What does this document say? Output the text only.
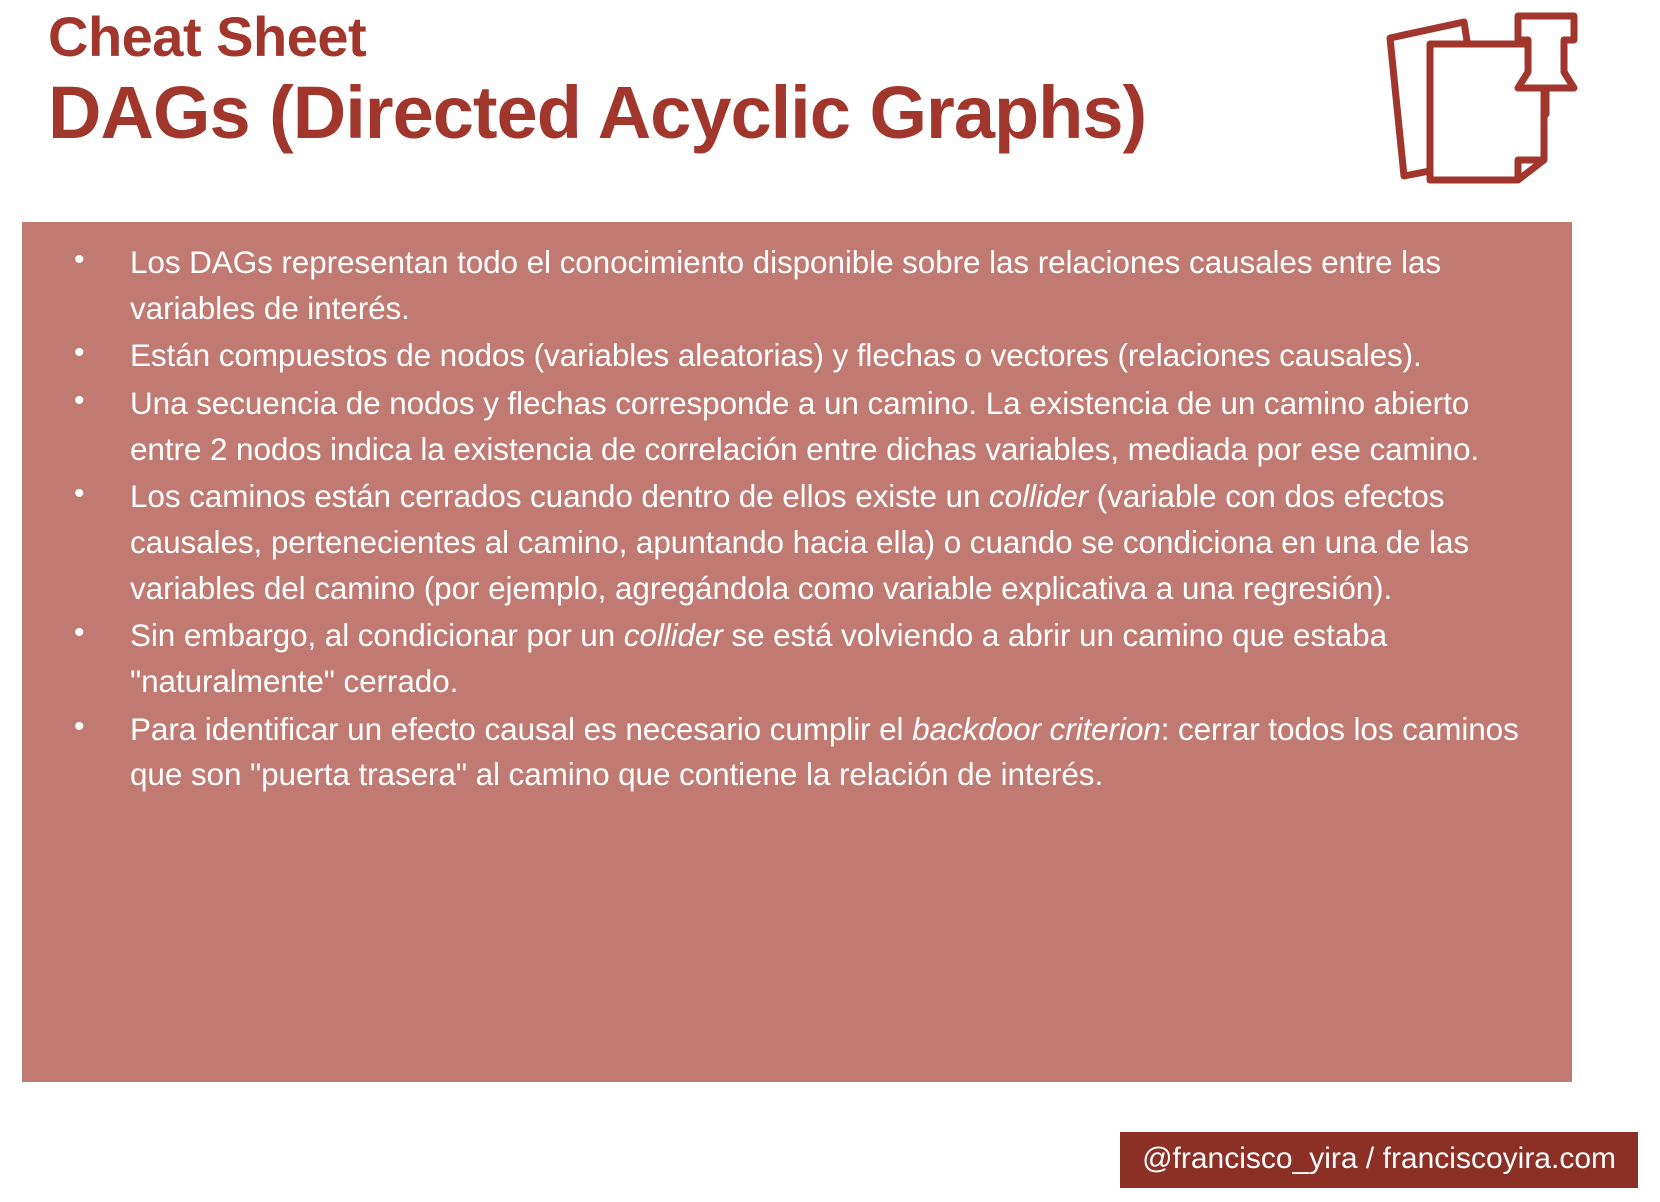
Cheat Sheet
DAGs (Directed Acyclic Graphs)
• Los DAGs representan todo el conocimiento disponible sobre las relaciones causales entre las variables de interés.
• Están compuestos de nodos (variables aleatorias) y flechas o vectores (relaciones causales).
• Una secuencia de nodos y flechas corresponde a un camino. La existencia de un camino abierto entre 2 nodos indica la existencia de correlación entre dichas variables, mediada por ese camino.
• Los caminos están cerrados cuando dentro de ellos existe un collider (variable con dos efectos causales, pertenecientes al camino, apuntando hacia ella) o cuando se condiciona en una de las variables del camino (por ejemplo, agregándola como variable explicativa a una regresión).
• Sin embargo, al condicionar por un collider se está volviendo a abrir un camino que estaba "naturalmente" cerrado.
• Para identificar un efecto causal es necesario cumplir el backdoor criterion: cerrar todos los caminos que son "puerta trasera" al camino que contiene la relación de interés.
@francisco_yira / franciscoyira.com
